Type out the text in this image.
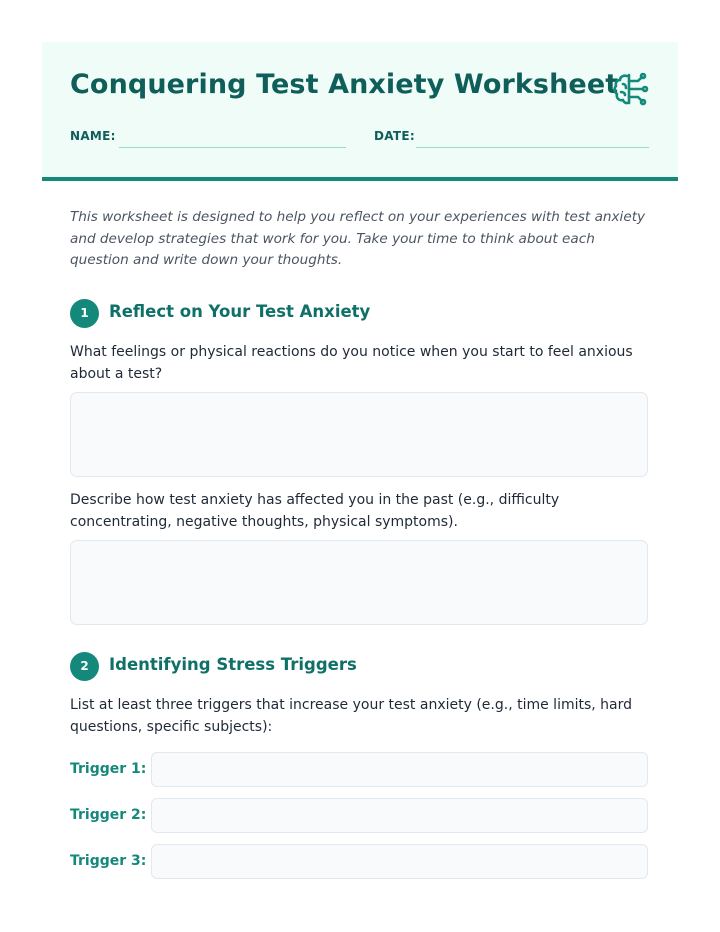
Conquering Test Anxiety Worksheet
NAME:	DATE:

This worksheet is designed to help you reflect on your experiences with test anxiety and develop strategies that work for you. Take your time to think about each question and write down your thoughts.

1	Reflect on Your Test Anxiety

What feelings or physical reactions do you notice when you start to feel anxious about a test?

Describe how test anxiety has affected you in the past (e.g., difficulty concentrating, negative thoughts, physical symptoms).

2	Identifying Stress Triggers

List at least three triggers that increase your test anxiety (e.g., time limits, hard questions, specific subjects):

Trigger 1:
Trigger 2:
Trigger 3:
